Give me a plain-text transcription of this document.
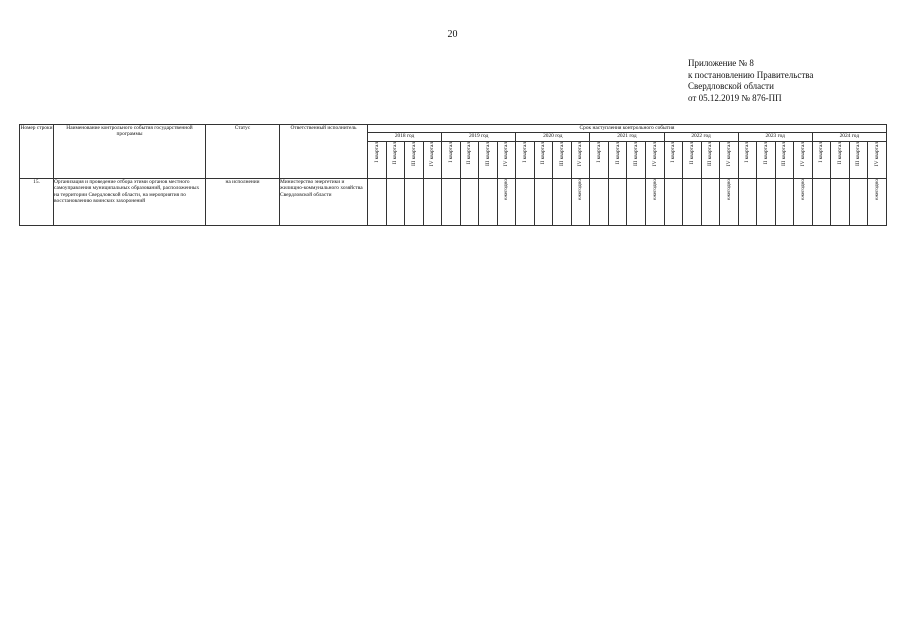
20
Приложение № 8
к постановлению Правительства
Свердловской области
от 05.12.2019 № 876-ПП
Номер строки	Наименование контрольного события государственной программы	Статус	Ответственный исполнитель	Срок наступления контрольного события																											
				2018 год				2019 год				2020 год				2021 год				2022 год				2023 год				2024 год			

				I квартал	II квартал	III квартал	IV квартал	I квартал	II квартал	III квартал	IV квартал	I квартал	II квартал	III квартал	IV квартал	I квартал	II квартал	III квартал	IV квартал	I квартал	II квартал	III квартал	IV квартал	I квартал	II квартал	III квартал	IV квартал	I квартал	II квартал	III квартал	IV квартал

15.	Организация и проведение отбора этими органов местного самоуправления муниципальных образований, расположенных на территории Свердловской области, на мероприятия по восстановлению воинских захоронений	на исполнении	Министерство энергетики и жилищно-коммунального хозяйства Свердловской области								ежегодно				ежегодно				ежегодно				ежегодно				ежегодно				ежегодно
